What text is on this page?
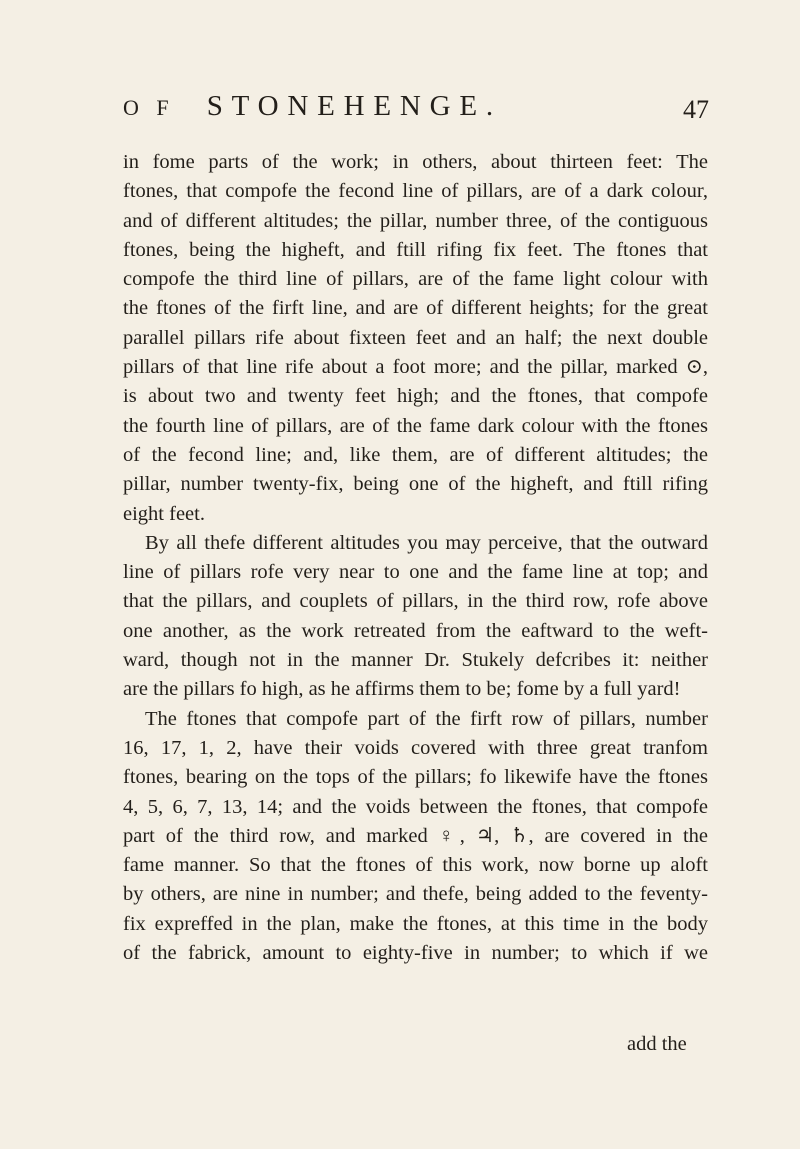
O F STONEHENGE.	47
in fome parts of the work; in others, about thirteen feet: The
ftones, that compofe the fecond line of pillars, are of a dark colour,
and of different altitudes; the pillar, number three, of the contiguous
ftones, being the higheft, and ftill rifing fix feet. The ftones that
compofe the third line of pillars, are of the fame light colour with
the ftones of the firft line, and are of different heights; for the great
parallel pillars rife about fixteen feet and an half; the next double
pillars of that line rife about a foot more; and the pillar, marked ⊙,
is about two and twenty feet high; and the ftones, that compofe
the fourth line of pillars, are of the fame dark colour with the ftones
of the fecond line; and, like them, are of different altitudes; the
pillar, number twenty-fix, being one of the higheft, and ftill rifing
eight feet.
By all thefe different altitudes you may perceive, that the outward
line of pillars rofe very near to one and the fame line at top; and
that the pillars, and couplets of pillars, in the third row, rofe above
one another, as the work retreated from the eaftward to the weft-
ward, though not in the manner Dr. Stukely defcribes it: neither
are the pillars fo high, as he affirms them to be; fome by a full yard!
The ftones that compofe part of the firft row of pillars, number
16, 17, 1, 2, have their voids covered with three great tranfom
ftones, bearing on the tops of the pillars; fo likewife have the ftones
4, 5, 6, 7, 13, 14; and the voids between the ftones, that compofe
part of the third row, and marked ♀, ♃, ♄, are covered in the
fame manner. So that the ftones of this work, now borne up aloft
by others, are nine in number; and thefe, being added to the feventy-
fix expreffed in the plan, make the ftones, at this time in the body
of the fabrick, amount to eighty-five in number; to which if we
add the
